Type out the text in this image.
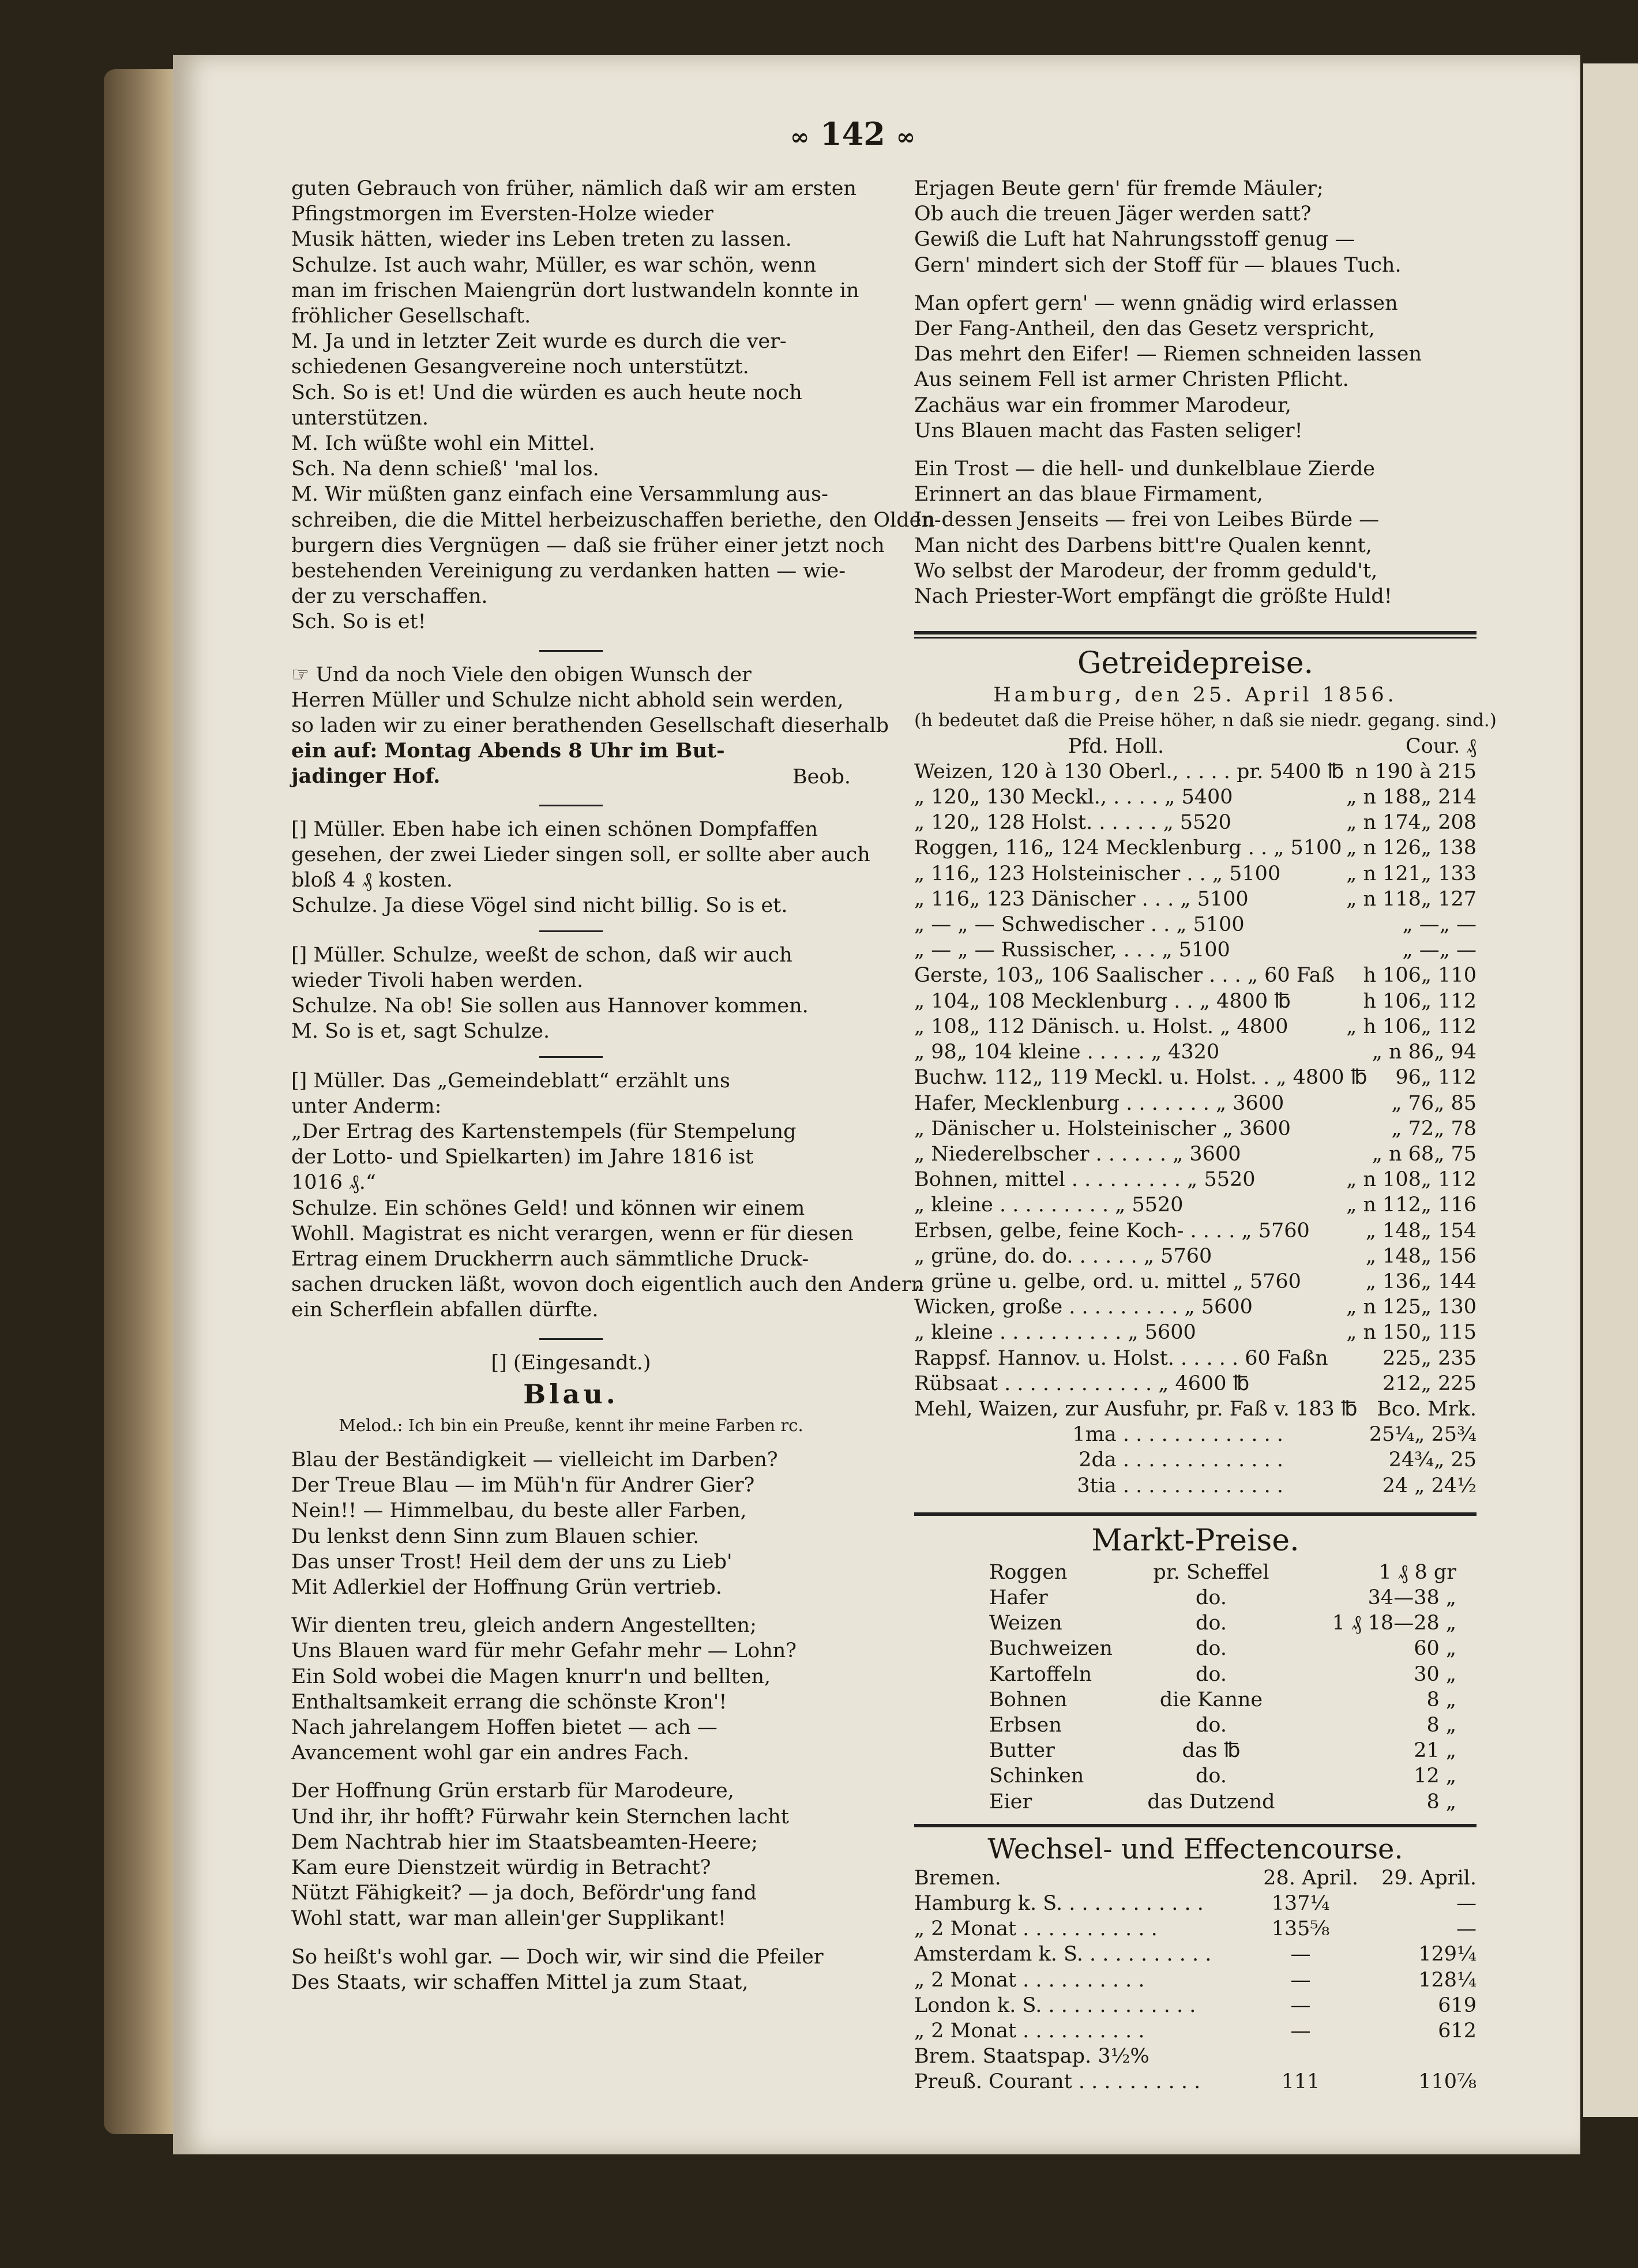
∞ 142 ∞
guten Gebrauch von früher, nämlich daß wir am ersten
Pfingstmorgen im Eversten-Holze wieder
Musik hätten, wieder ins Leben treten zu lassen.
Schulze. Ist auch wahr, Müller, es war schön, wenn
man im frischen Maiengrün dort lustwandeln konnte in
fröhlicher Gesellschaft.
M. Ja und in letzter Zeit wurde es durch die ver-
schiedenen Gesangvereine noch unterstützt.
Sch. So is et! Und die würden es auch heute noch
unterstützen.
M. Ich wüßte wohl ein Mittel.
Sch. Na denn schieß' 'mal los.
M. Wir müßten ganz einfach eine Versammlung aus-
schreiben, die die Mittel herbeizuschaffen beriethe, den Olden-
burgern dies Vergnügen — daß sie früher einer jetzt noch
bestehenden Vereinigung zu verdanken hatten — wie-
der zu verschaffen.
Sch. So is et!
☞ Und da noch Viele den obigen Wunsch der
Herren Müller und Schulze nicht abhold sein werden,
so laden wir zu einer berathenden Gesellschaft dieserhalb
ein auf: Montag Abends 8 Uhr im But-
jadinger Hof.	Beob.
[] Müller. Eben habe ich einen schönen Dompfaffen
gesehen, der zwei Lieder singen soll, er sollte aber auch
bloß 4 ₰ kosten.
Schulze. Ja diese Vögel sind nicht billig. So is et.
[] Müller. Schulze, weeßt de schon, daß wir auch
wieder Tivoli haben werden.
Schulze. Na ob! Sie sollen aus Hannover kommen.
M. So is et, sagt Schulze.
[] Müller. Das „Gemeindeblatt“ erzählt uns
unter Anderm:
„Der Ertrag des Kartenstempels (für Stempelung
der Lotto- und Spielkarten) im Jahre 1816 ist
1016 ₰.“
Schulze. Ein schönes Geld! und können wir einem
Wohll. Magistrat es nicht verargen, wenn er für diesen
Ertrag einem Druckherrn auch sämmtliche Druck-
sachen drucken läßt, wovon doch eigentlich auch den Andern
ein Scherflein abfallen dürfte.
[] (Eingesandt.)
Blau.
Melod.: Ich bin ein Preuße, kennt ihr meine Farben rc.
Blau der Beständigkeit — vielleicht im Darben?
Der Treue Blau — im Müh'n für Andrer Gier?
Nein!! — Himmelbau, du beste aller Farben,
Du lenkst denn Sinn zum Blauen schier.
Das unser Trost! Heil dem der uns zu Lieb'
Mit Adlerkiel der Hoffnung Grün vertrieb.
Wir dienten treu, gleich andern Angestellten;
Uns Blauen ward für mehr Gefahr mehr — Lohn?
Ein Sold wobei die Magen knurr'n und bellten,
Enthaltsamkeit errang die schönste Kron'!
Nach jahrelangem Hoffen bietet — ach —
Avancement wohl gar ein andres Fach.
Der Hoffnung Grün erstarb für Marodeure,
Und ihr, ihr hofft? Fürwahr kein Sternchen lacht
Dem Nachtrab hier im Staatsbeamten-Heere;
Kam eure Dienstzeit würdig in Betracht?
Nützt Fähigkeit? — ja doch, Befördr'ung fand
Wohl statt, war man allein'ger Supplikant!
So heißt's wohl gar. — Doch wir, wir sind die Pfeiler
Des Staats, wir schaffen Mittel ja zum Staat,
Erjagen Beute gern' für fremde Mäuler;
Ob auch die treuen Jäger werden satt?
Gewiß die Luft hat Nahrungsstoff genug —
Gern' mindert sich der Stoff für — blaues Tuch.
Man opfert gern' — wenn gnädig wird erlassen
Der Fang-Antheil, den das Gesetz verspricht,
Das mehrt den Eifer! — Riemen schneiden lassen
Aus seinem Fell ist armer Christen Pflicht.
Zachäus war ein frommer Marodeur,
Uns Blauen macht das Fasten seliger!
Ein Trost — die hell- und dunkelblaue Zierde
Erinnert an das blaue Firmament,
In dessen Jenseits — frei von Leibes Bürde —
Man nicht des Darbens bitt're Qualen kennt,
Wo selbst der Marodeur, der fromm geduld't,
Nach Priester-Wort empfängt die größte Huld!
Getreidepreise.
Hamburg, den 25. April 1856.
(h bedeutet daß die Preise höher, n daß sie niedr. gegang. sind.)
Pfd. Holl.	Cour. ₰
Weizen, 120 à 130 Oberl., . . . . pr. 5400 ℔ n 190 à 215
„ 120„ 130 Meckl., . . . . „ 5400	„ n 188„ 214
„ 120„ 128 Holst. . . . . . „ 5520	„ n 174„ 208
Roggen, 116„ 124 Mecklenburg . . „ 5100 „ n 126„ 138
„ 116„ 123 Holsteinischer . . „ 5100	„ n 121„ 133
„ 116„ 123 Dänischer . . . „ 5100	„ n 118„ 127
„ — „ — Schwedischer . . „ 5100	„ —„ —
„ — „ — Russischer, . . . „ 5100	„ —„ —
Gerste, 103„ 106 Saalischer . . . „ 60 Faß	h 106„ 110
„ 104„ 108 Mecklenburg . . „ 4800 ℔	h 106„ 112
„ 108„ 112 Dänisch. u. Holst. „ 4800	„ h 106„ 112
„ 98„ 104 kleine . . . . . „ 4320	„ n 86„ 94
Buchw. 112„ 119 Meckl. u. Holst. . „ 4800 ℔	96„ 112
Hafer, Mecklenburg . . . . . . . „ 3600	„ 76„ 85
„ Dänischer u. Holsteinischer „ 3600	„ 72„ 78
„ Niederelbscher . . . . . . „ 3600	„ n 68„ 75
Bohnen, mittel . . . . . . . . . „ 5520	„ n 108„ 112
„ kleine . . . . . . . . . „ 5520	„ n 112„ 116
Erbsen, gelbe, feine Koch- . . . . „ 5760	„ 148„ 154
„ grüne, do. do. . . . . . „ 5760	„ 148„ 156
„ grüne u. gelbe, ord. u. mittel „ 5760	„ 136„ 144
Wicken, große . . . . . . . . . „ 5600	„ n 125„ 130
„ kleine . . . . . . . . . . „ 5600	„ n 150„ 115
Rappsf. Hannov. u. Holst. . . . . . 60 Faßn	225„ 235
Rübsaat . . . . . . . . . . . . „ 4600 ℔	212„ 225
Mehl, Waizen, zur Ausfuhr, pr. Faß v. 183 ℔ Bco. Mrk.
1ma . . . . . . . . . . . . .	25¼„ 25¾
2da . . . . . . . . . . . . .	24¾„ 25
3tia . . . . . . . . . . . . .	24 „ 24½
Markt-Preise.
Roggen	pr. Scheffel	1 ₰ 8 gr
Hafer	do.	34—38 „
Weizen	do.	1 ₰ 18—28 „
Buchweizen	do.	60 „
Kartoffeln	do.	30 „
Bohnen	die Kanne	8 „
Erbsen	do.	8 „
Butter	das ℔	21 „
Schinken	do.	12 „
Eier	das Dutzend	8 „
Wechsel- und Effectencourse.
Bremen.	28. April.	29. April.
Hamburg k. S. . . . . . . . . . . .	137¼	—
„ 2 Monat . . . . . . . . . . .	135⅝	—
Amsterdam k. S. . . . . . . . . . .	—	129¼
„ 2 Monat . . . . . . . . . .	—	128¼
London k. S. . . . . . . . . . . . .	—	619
„ 2 Monat . . . . . . . . . .	—	612
Brem. Staatspap. 3½%
Preuß. Courant . . . . . . . . . .	111	110⅞
